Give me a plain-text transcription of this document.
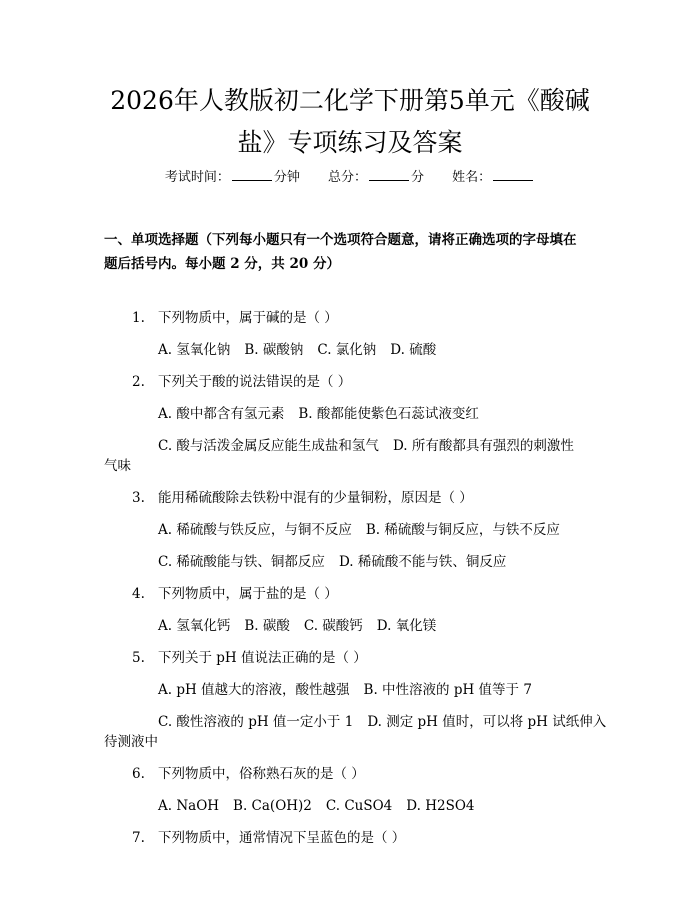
2026年人教版初二化学下册第5单元《酸碱
盐》专项练习及答案
考试时间：	分钟 总分：	分 姓名：
一、单项选择题（下列每小题只有一个选项符合题意，请将正确选项的字母填在
题后括号内。每小题 2 分，共 20 分）
1. 下列物质中，属于碱的是（ ）
A. 氢氧化钠 B. 碳酸钠 C. 氯化钠 D. 硫酸
2. 下列关于酸的说法错误的是（ ）
A. 酸中都含有氢元素 B. 酸都能使紫色石蕊试液变红
C. 酸与活泼金属反应能生成盐和氢气 D. 所有酸都具有强烈的刺激性
气味
3. 能用稀硫酸除去铁粉中混有的少量铜粉，原因是（ ）
A. 稀硫酸与铁反应，与铜不反应 B. 稀硫酸与铜反应，与铁不反应
C. 稀硫酸能与铁、铜都反应 D. 稀硫酸不能与铁、铜反应
4. 下列物质中，属于盐的是（ ）
A. 氢氧化钙 B. 碳酸 C. 碳酸钙 D. 氧化镁
5. 下列关于 pH 值说法正确的是（ ）
A. pH 值越大的溶液，酸性越强 B. 中性溶液的 pH 值等于 7
C. 酸性溶液的 pH 值一定小于 1 D. 测定 pH 值时，可以将 pH 试纸伸入
待测液中
6. 下列物质中，俗称熟石灰的是（ ）
A. NaOH B. Ca(OH)2 C. CuSO4 D. H2SO4
7. 下列物质中，通常情况下呈蓝色的是（ ）
